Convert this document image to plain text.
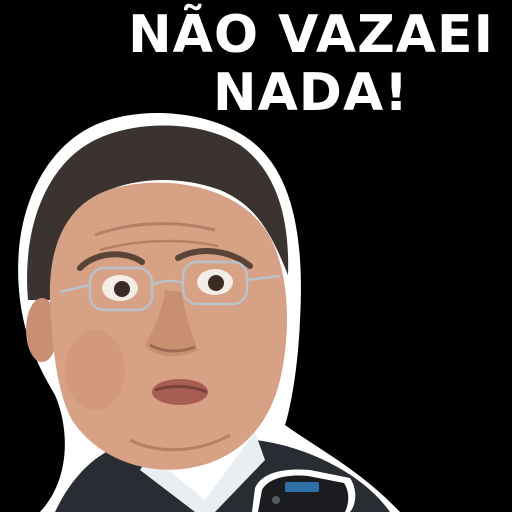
NÃO VAZAEI
NADA!
